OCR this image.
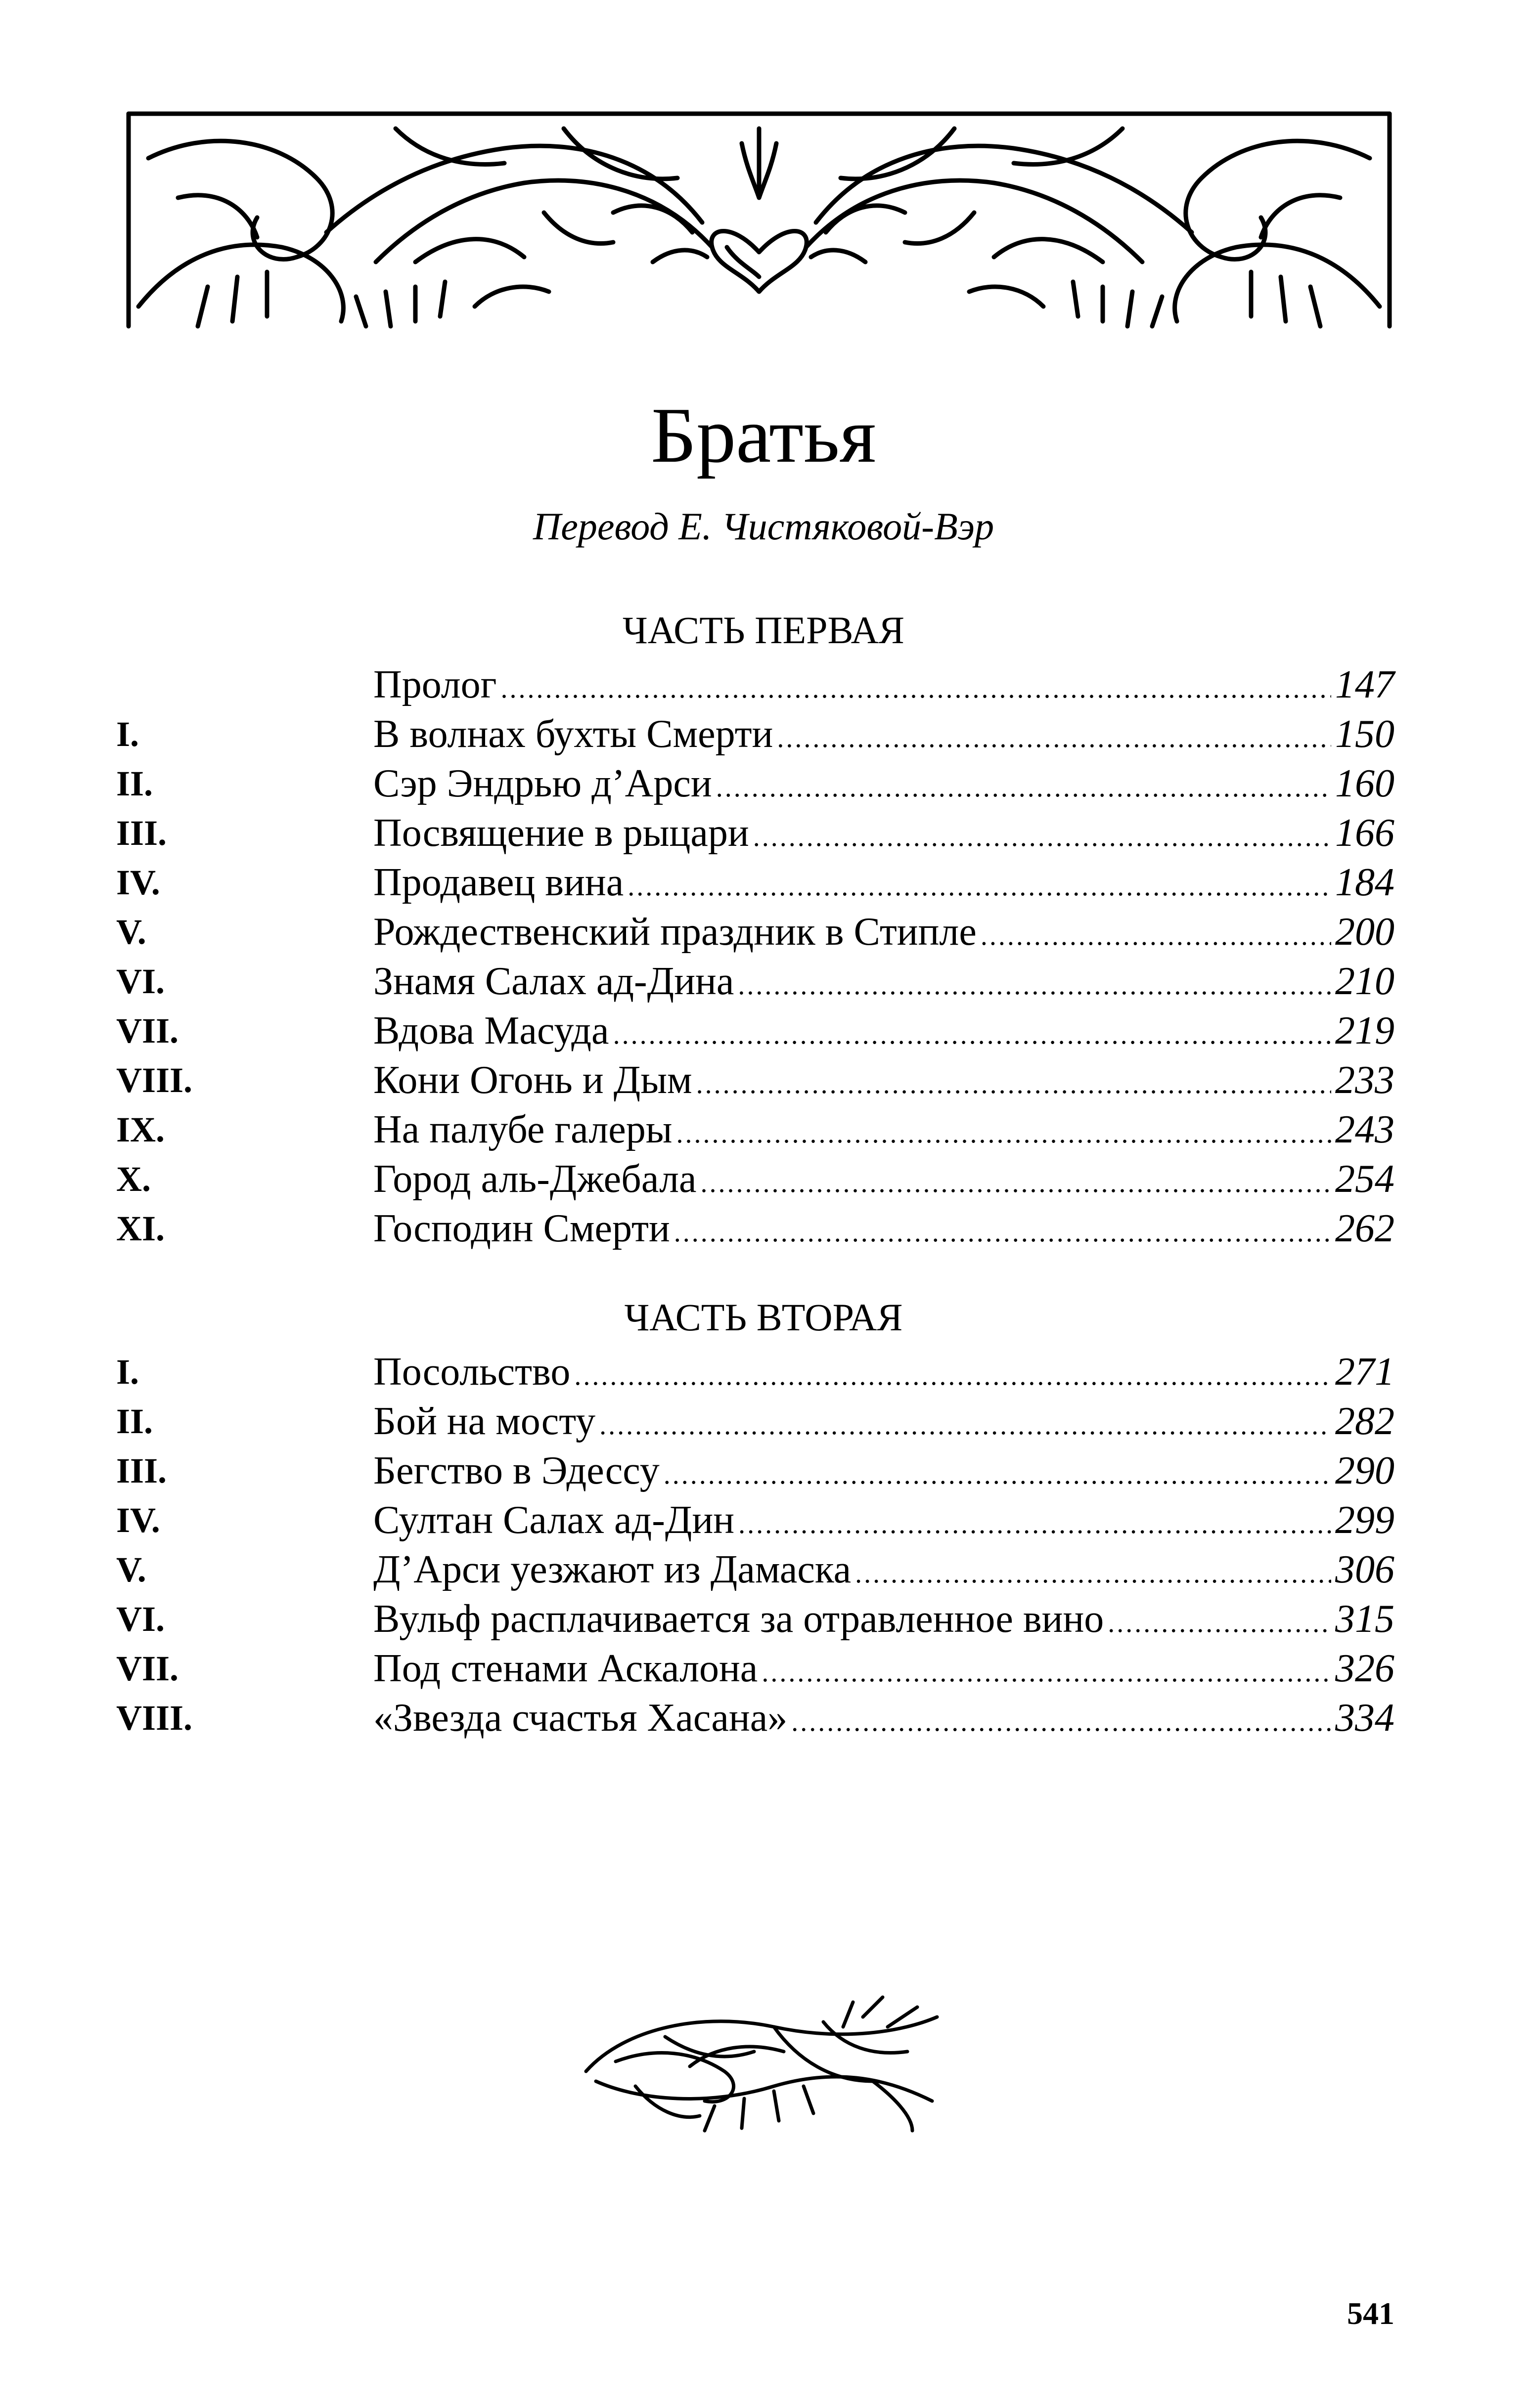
Братья
Перевод Е. Чистяковой-Вэр
ЧАСТЬ ПЕРВАЯ
Пролог .....	147
I.	В волнах бухты Смерти .....	150
II.	Сэр Эндрью д’Арси .....	160
III.	Посвящение в рыцари .....	166
IV.	Продавец вина .....	184
V.	Рождественский праздник в Стипле .....	200
VI.	Знамя Салах ад-Дина .....	210
VII.	Вдова Масуда .....	219
VIII.	Кони Огонь и Дым .....	233
IX.	На палубе галеры .....	243
X.	Город аль-Джебала .....	254
XI.	Господин Смерти .....	262
ЧАСТЬ ВТОРАЯ
I.	Посольство .....	271
II.	Бой на мосту .....	282
III.	Бегство в Эдессу .....	290
IV.	Султан Салах ад-Дин .....	299
V.	Д’Арси уезжают из Дамаска .....	306
VI.	Вульф расплачивается за отравленное вино .....	315
VII.	Под стенами Аскалона .....	326
VIII.	«Звезда счастья Хасана» .....	334
541
